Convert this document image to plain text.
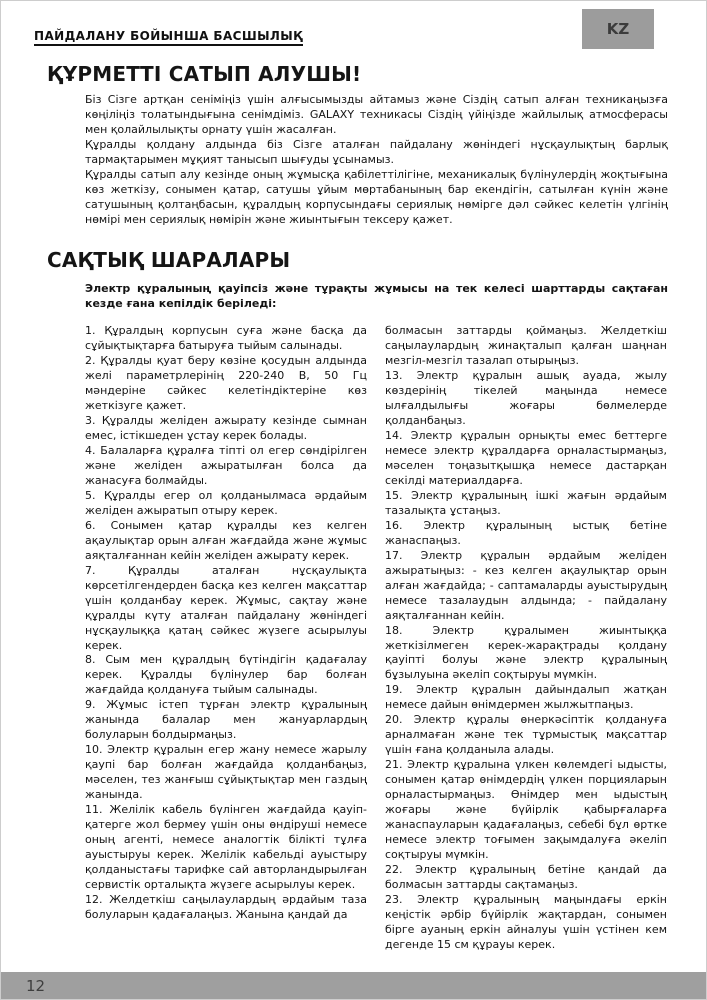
ПАЙДАЛАНУ БОЙЫНША БАСШЫЛЫҚ	KZ
ҚҰРМЕТТІ САТЫП АЛУШЫ!

Біз Сізге артқан сеніміңіз үшін алғысымызды айтамыз және Сіздің сатып алған техникаңызға көңіліңіз толатындығына сенімдіміз. GALAXY техникасы Сіздің үйіңізде жайлылық атмосферасы мен қолайлылықты орнату үшін жасалған.

Құралды қолдану алдында біз Сізге аталған пайдалану жөніндегі нұсқаулықтың барлық тармақтарымен мұқият танысып шығуды ұсынамыз.

Құралды сатып алу кезінде оның жұмысқа қабілеттілігіне, механикалық бүлінулердің жоқтығына көз жеткізу, сонымен қатар, сатушы ұйым мөртабанының бар екендігін, сатылған күнін және сатушының қолтаңбасын, құралдың корпусындағы сериялық нөмірге дәл сәйкес келетін үлгінің нөмірі мен сериялық нөмірін және жиынтығын тексеру қажет.

САҚТЫҚ ШАРАЛАРЫ

Электр құралының қауіпсіз және тұрақты жұмысы на тек келесі шарттарды сақтаған кезде ғана кепілдік беріледі:

1. Құралдың корпусын суға және басқа да сұйықтықтарға батыруға тыйым салынады.

2. Құралды қуат беру көзіне қосудын алдында желі параметрлерінің 220-240 В, 50 Гц мәндеріне сәйкес келетіндіктеріне көз жеткізуге қажет.

3. Құралды желіден ажырату кезінде сымнан емес, істікшеден ұстау керек болады.

4. Балаларға құралға тіпті ол егер сөндірілген және желіден ажыратылған болса да жанасуға болмайды.

5. Құралды егер ол қолданылмаса әрдайым желіден ажыратып отыру керек.

6. Сонымен қатар құралды кез келген ақаулықтар орын алған жағдайда және жұмыс аяқталғаннан кейін желіден ажырату керек.

7. Құралды аталған нұсқаулықта көрсетілгендерден басқа кез келген мақсаттар үшін қолданбау керек. Жұмыс, сақтау және құралды күту аталған пайдалану жөніндегі нұсқаулыққа қатаң сәйкес жүзеге асырылуы керек.

8. Сым мен құралдың бүтіндігін қадағалау керек. Құралды бүлінулер бар болған жағдайда қолдануға тыйым салынады.

9. Жұмыс істеп тұрған электр құралының жанында балалар мен жануарлардың болуларын болдырмаңыз.

10. Электр құралын егер жану немесе жарылу қаупі бар болған жағдайда қолданбаңыз, мәселен, тез жанғыш сұйықтықтар мен газдың жанында.

11. Желілік кабель бүлінген жағдайда қауіп-қатерге жол бермеу үшін оны өндіруші немесе оның агенті, немесе аналогтік білікті тұлға ауыстыруы керек. Желілік кабельді ауыстыру қолданыстағы тарифке сай авторландырылған сервистік орталықта жүзеге асырылуы керек.

12. Желдеткіш саңылаулардың әрдайым таза болуларын қадағалаңыз. Жанына қандай да

болмасын заттарды қоймаңыз. Желдеткіш саңылаулардың жинақталып қалған шаңнан мезгіл-мезгіл тазалап отырыңыз.

13. Электр құралын ашық ауада, жылу көздерінің тікелей маңында немесе ылғалдылығы жоғары бөлмелерде қолданбаңыз.

14. Электр құралын орнықты емес беттерге немесе электр құралдарға орналастырмаңыз, мәселен тоңазытқышқа немесе дастарқан секілді материалдарға.

15. Электр құралының ішкі жағын әрдайым тазалықта ұстаңыз.

16. Электр құралының ыстық бетіне жанаспаңыз.

17. Электр құралын әрдайым желіден ажыратыңыз: - кез келген ақаулықтар орын алған жағдайда; - саптамаларды ауыстырудың немесе тазалаудын алдында; - пайдалану аяқталғаннан кейін.

18. Электр құралымен жиынтыққа жеткізілмеген керек-жарақтрады қолдану қауіпті болуы және электр құралының бұзылуына әкеліп соқтыруы мүмкін.

19. Электр құралын дайындалып жатқан немесе дайын өнімдермен жылжытпаңыз.

20. Электр құралы өнеркәсіптік қолдануға арналмаған және тек тұрмыстық мақсаттар үшін ғана қолданыла алады.

21. Электр құралына үлкен көлемдегі ыдысты, сонымен қатар өнімдердің үлкен порцияларын орналастырмаңыз. Өнімдер мен ыдыстың жоғары және бүйірлік қабырғаларға жанаспауларын қадағалаңыз, себебі бұл өртке немесе электр тоғымен зақымдалуға әкеліп соқтыруы мүмкін.

22. Электр құралының бетіне қандай да болмасын заттарды сақтамаңыз.

23. Электр құралының маңындағы еркін кеңістік әрбір бүйірлік жақтардан, сонымен бірге ауаның еркін айналуы үшін үстінен кем дегенде 15 см құрауы керек.

12
